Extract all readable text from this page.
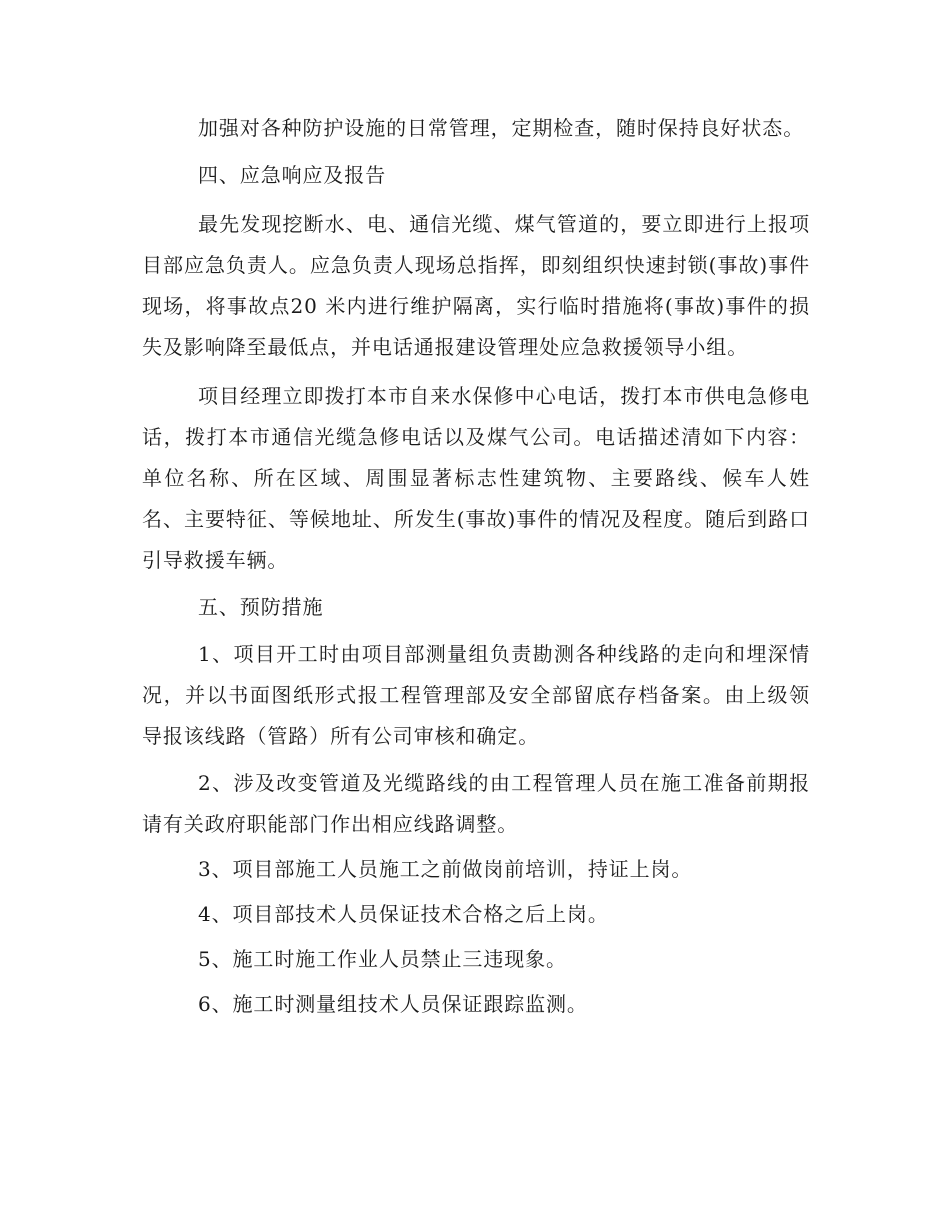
加强对各种防护设施的日常管理，定期检查，随时保持良好状态。

四、应急响应及报告

最先发现挖断水、电、通信光缆、煤气管道的，要立即进行上报项目部应急负责人。应急负责人现场总指挥，即刻组织快速封锁(事故)事件现场，将事故点20 米内进行维护隔离，实行临时措施将(事故)事件的损失及影响降至最低点，并电话通报建设管理处应急救援领导小组。

项目经理立即拨打本市自来水保修中心电话，拨打本市供电急修电话，拨打本市通信光缆急修电话以及煤气公司。电话描述清如下内容：单位名称、所在区域、周围显著标志性建筑物、主要路线、候车人姓名、主要特征、等候地址、所发生(事故)事件的情况及程度。随后到路口引导救援车辆。

五、预防措施

1、项目开工时由项目部测量组负责勘测各种线路的走向和埋深情况，并以书面图纸形式报工程管理部及安全部留底存档备案。由上级领导报该线路（管路）所有公司审核和确定。

2、涉及改变管道及光缆路线的由工程管理人员在施工准备前期报请有关政府职能部门作出相应线路调整。

3、项目部施工人员施工之前做岗前培训，持证上岗。

4、项目部技术人员保证技术合格之后上岗。

5、施工时施工作业人员禁止三违现象。

6、施工时测量组技术人员保证跟踪监测。
